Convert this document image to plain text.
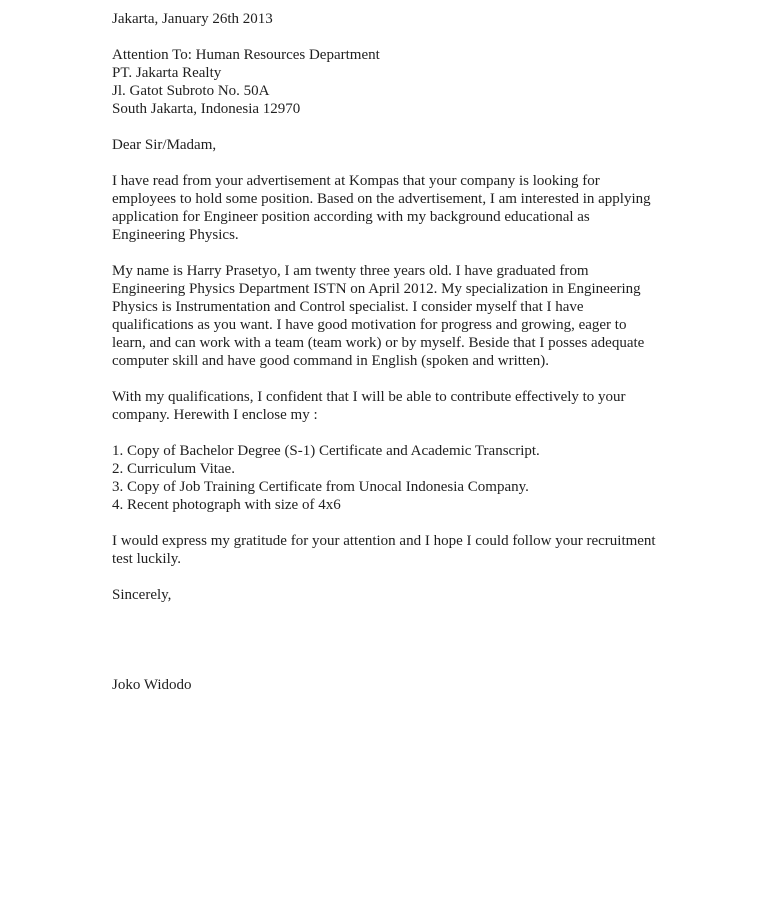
Jakarta, January 26th 2013
Attention To: Human Resources Department
PT. Jakarta Realty
Jl. Gatot Subroto No. 50A
South Jakarta, Indonesia 12970
Dear Sir/Madam,
I have read from your advertisement at Kompas that your company is looking for employees to hold some position. Based on the advertisement, I am interested in applying application for Engineer position according with my background educational as Engineering Physics.
My name is Harry Prasetyo, I am twenty three years old. I have graduated from Engineering Physics Department ISTN on April 2012. My specialization in Engineering Physics is Instrumentation and Control specialist. I consider myself that I have qualifications as you want. I have good motivation for progress and growing, eager to learn, and can work with a team (team work) or by myself. Beside that I posses adequate computer skill and have good command in English (spoken and written).
With my qualifications, I confident that I will be able to contribute effectively to your company. Herewith I enclose my :
1. Copy of Bachelor Degree (S-1) Certificate and Academic Transcript.
2. Curriculum Vitae.
3. Copy of Job Training Certificate from Unocal Indonesia Company.
4. Recent photograph with size of 4x6
I would express my gratitude for your attention and I hope I could follow your recruitment test luckily.
Sincerely,
Joko Widodo
